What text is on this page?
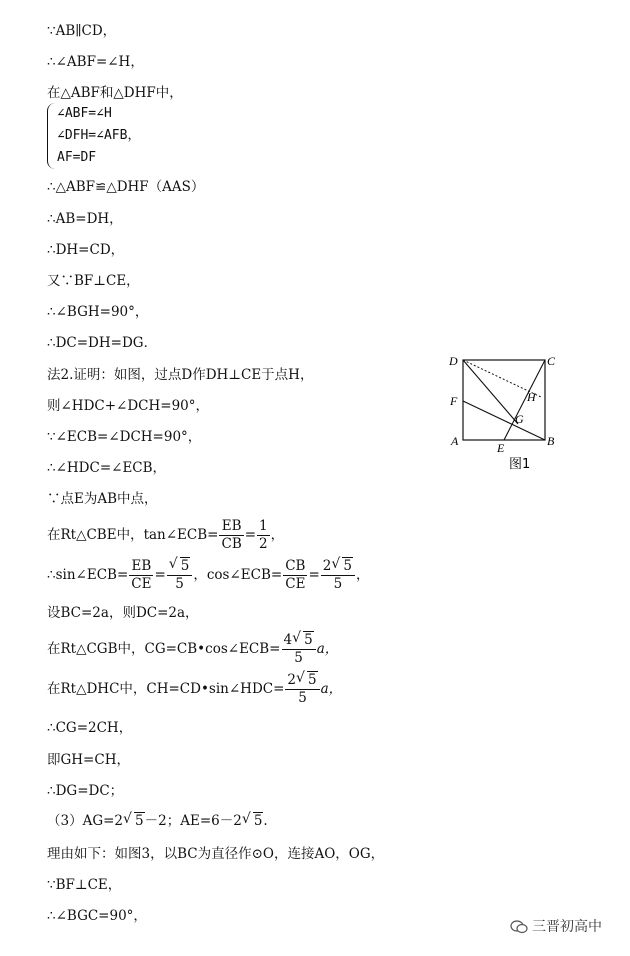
∵AB∥CD，
∴∠ABF=∠H，
在△ABF和△DHF中，
∠ABF=∠H
∠DFH=∠AFB，
AF=DF
∴△ABF≌△DHF（AAS）
∴AB=DH，
∴DH=CD，
又∵BF⊥CE，
∴∠BGH=90°，
∴DC=DH=DG．
法2.证明：如图，过点D作DH⊥CE于点H，
则∠HDC+∠DCH=90°，
∵∠ECB=∠DCH=90°，
∴∠HDC=∠ECB，
∵点E为AB中点，
在Rt△CBE中，tan∠ECB= $\frac{EB}{CB} = \frac{1}{2}$ ，
∴sin∠ECB= $\frac{EB}{CE}$ = √ $\frac{5}{5}$ ，cos∠ECB= $\frac{CB}{CE} = \frac{2 √ 5}{5}$ ，
设BC=2a，则DC=2a，
在Rt△CGB中，CG=CB•cos∠ECB= $\frac{4 √ 5}{5}$ a，
在Rt△DHC中，CH=CD•sin∠HDC= $\frac{2 √ 5}{5}$ a，
∴CG=2CH，
即GH=CH，
∴DG=DC；
（3）AG=2 √ 5－2；AE=6－2 √ 5.
理由如下：如图3，以BC为直径作⊙O，连接AO，OG，
∵BF⊥CE，
∴∠BGC=90°，
D	C
F	H
G
A	E	B
图1
三晋初高中
